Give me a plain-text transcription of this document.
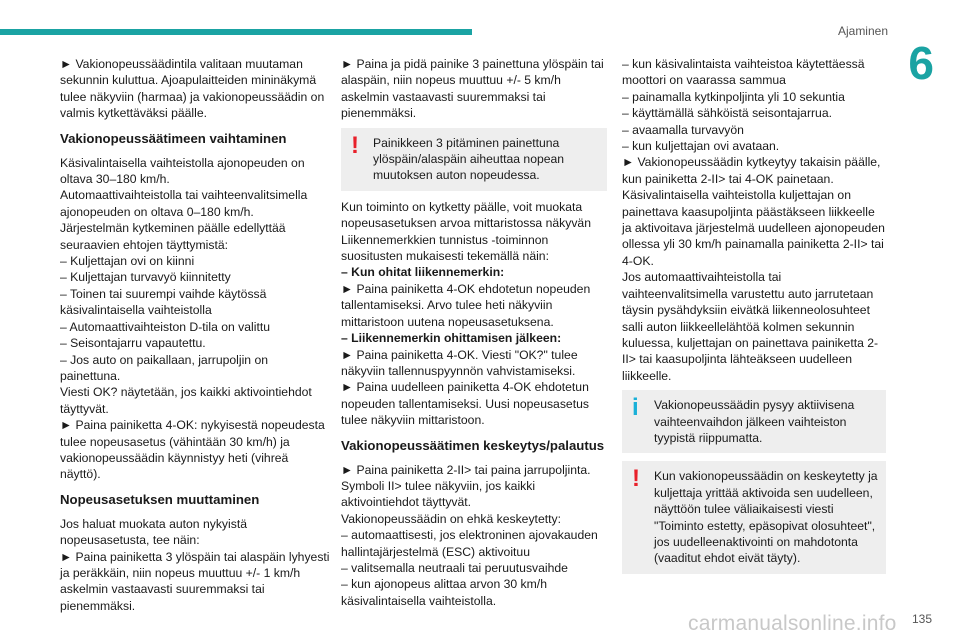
Ajaminen
6

► Vakionopeussäädintila valitaan muutaman sekunnin kuluttua. Ajoapulaitteiden mininäkymä tulee näkyviin (harmaa) ja vakionopeussäädin on valmis kytkettäväksi päälle.

Vakionopeussäätimeen vaihtaminen

Käsivalintaisella vaihteistolla ajonopeuden on oltava 30–180 km/h.

Automaattivaihteistolla tai vaihteenvalitsimella ajonopeuden on oltava 0–180 km/h.

Järjestelmän kytkeminen päälle edellyttää seuraavien ehtojen täyttymistä:

– Kuljettajan ovi on kiinni

– Kuljettajan turvavyö kiinnitetty

– Toinen tai suurempi vaihde käytössä käsivalintaisella vaihteistolla

– Automaattivaihteiston D-tila on valittu

– Seisontajarru vapautettu.

– Jos auto on paikallaan, jarrupoljin on painettuna.

Viesti OK? näytetään, jos kaikki aktivointiehdot täyttyvät.

► Paina painiketta 4-OK: nykyisestä nopeudesta tulee nopeusasetus (vähintään 30 km/h) ja vakionopeussäädin käynnistyy heti (vihreä näyttö).

Nopeusasetuksen muuttaminen

Jos haluat muokata auton nykyistä nopeusasetusta, tee näin:

► Paina painiketta 3 ylöspäin tai alaspäin lyhyesti ja peräkkäin, niin nopeus muuttuu +/- 1 km/h askelmin vastaavasti suuremmaksi tai pienemmäksi.

► Paina ja pidä painike 3 painettuna ylöspäin tai alaspäin, niin nopeus muuttuu +/- 5 km/h askelmin vastaavasti suuremmaksi tai pienemmäksi.

! Painikkeen 3 pitäminen painettuna ylöspäin/alaspäin aiheuttaa nopean muutoksen auton nopeudessa.

Kun toiminto on kytketty päälle, voit muokata nopeusasetuksen arvoa mittaristossa näkyvän Liikennemerkkien tunnistus -toiminnon suositusten mukaisesti tekemällä näin:

– Kun ohitat liikennemerkin:

► Paina painiketta 4-OK ehdotetun nopeuden tallentamiseksi. Arvo tulee heti näkyviin mittaristoon uutena nopeusasetuksena.

– Liikennemerkin ohittamisen jälkeen:

► Paina painiketta 4-OK. Viesti "OK?" tulee näkyviin tallennuspyynnön vahvistamiseksi.

► Paina uudelleen painiketta 4-OK ehdotetun nopeuden tallentamiseksi. Uusi nopeusasetus tulee näkyviin mittaristoon.

Vakionopeussäätimen keskeytys/palautus

► Paina painiketta 2-II> tai paina jarrupoljinta.

Symboli II> tulee näkyviin, jos kaikki aktivointiehdot täyttyvät.

Vakionopeussäädin on ehkä keskeytetty:

– automaattisesti, jos elektroninen ajovakauden hallintajärjestelmä (ESC) aktivoituu

– valitsemalla neutraali tai peruutusvaihde

– kun ajonopeus alittaa arvon 30 km/h käsivalintaisella vaihteistolla.

– kun käsivalintaista vaihteistoa käytettäessä moottori on vaarassa sammua

– painamalla kytkinpoljinta yli 10 sekuntia

– käyttämällä sähköistä seisontajarrua.

– avaamalla turvavyön

– kun kuljettajan ovi avataan.

► Vakionopeussäädin kytkeytyy takaisin päälle, kun painiketta 2-II> tai 4-OK painetaan.

Käsivalintaisella vaihteistolla kuljettajan on painettava kaasupoljinta päästäkseen liikkeelle ja aktivoitava järjestelmä uudelleen ajonopeuden ollessa yli 30 km/h painamalla painiketta 2-II> tai 4-OK.

Jos automaattivaihteistolla tai vaihteenvalitsimella varustettu auto jarrutetaan täysin pysähdyksiin eivätkä liikenneolosuhteet salli auton liikkeellelähtöä kolmen sekunnin kuluessa, kuljettajan on painettava painiketta 2-II> tai kaasupoljinta lähteäkseen uudelleen liikkeelle.

i Vakionopeussäädin pysyy aktiivisena vaihteenvaihdon jälkeen vaihteiston tyypistä riippumatta.
! Kun vakionopeussäädin on keskeytetty ja kuljettaja yrittää aktivoida sen uudelleen, näyttöön tulee väliaikaisesti viesti "Toiminto estetty, epäsopivat olosuhteet", jos uudelleenaktivointi on mahdotonta (vaaditut ehdot eivät täyty).
135
carmanualsonline.info
